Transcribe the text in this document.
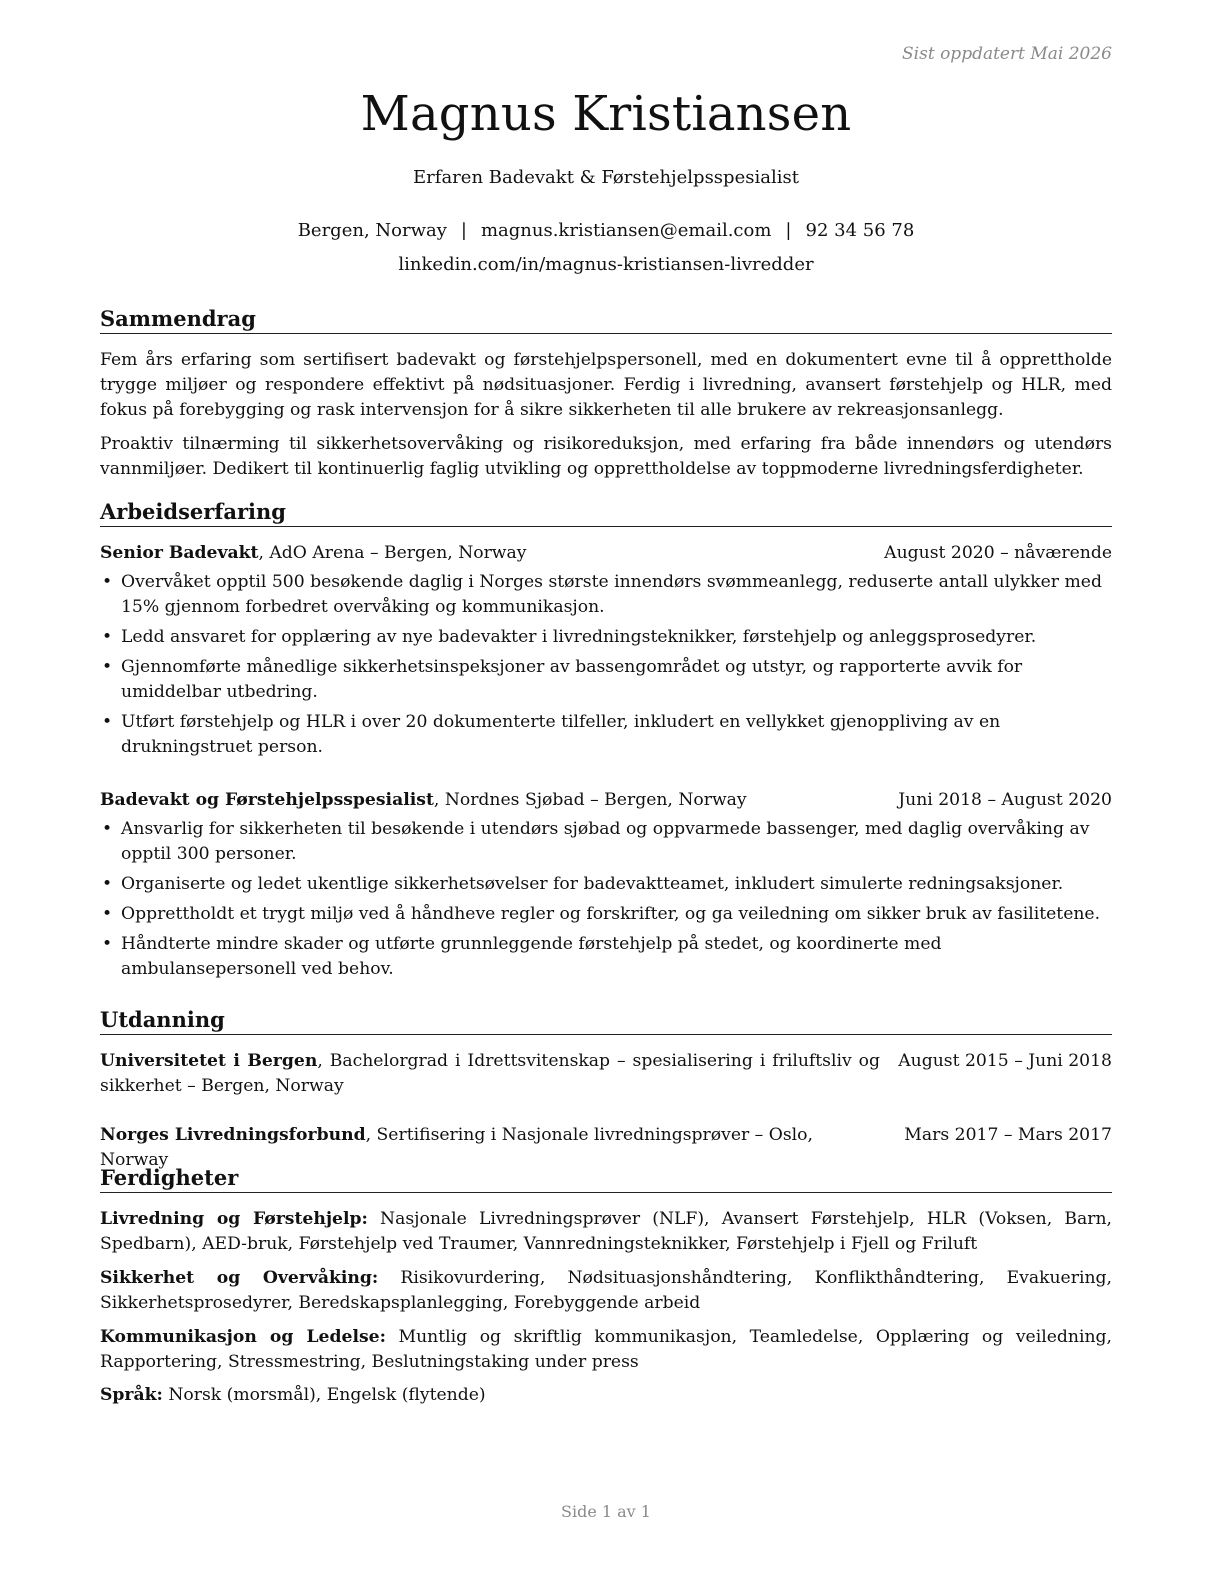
Sist oppdatert Mai 2026
Magnus Kristiansen
Erfaren Badevakt & Førstehjelpsspesialist
Bergen, Norway | magnus.kristiansen@email.com | 92 34 56 78
linkedin.com/in/magnus-kristiansen-livredder
Sammendrag

Fem års erfaring som sertifisert badevakt og førstehjelpspersonell, med en dokumentert evne til å opprettholde trygge miljøer og respondere effektivt på nødsituasjoner. Ferdig i livredning, avansert førstehjelp og HLR, med fokus på forebygging og rask intervensjon for å sikre sikkerheten til alle brukere av rekreasjonsanlegg.

Proaktiv tilnærming til sikkerhetsovervåking og risikoreduksjon, med erfaring fra både innendørs og utendørs vannmiljøer. Dedikert til kontinuerlig faglig utvikling og opprettholdelse av toppmoderne livredningsferdigheter.

Arbeidserfaring
Senior Badevakt, AdO Arena – Bergen, Norway	August 2020 – nåværende
• Overvåket opptil 500 besøkende daglig i Norges største innendørs svømmeanlegg, reduserte antall ulykker med 15% gjennom forbedret overvåking og kommunikasjon.
• Ledd ansvaret for opplæring av nye badevakter i livredningsteknikker, førstehjelp og anleggsprosedyrer.
• Gjennomførte månedlige sikkerhetsinspeksjoner av bassengområdet og utstyr, og rapporterte avvik for umiddelbar utbedring.
• Utført førstehjelp og HLR i over 20 dokumenterte tilfeller, inkludert en vellykket gjenoppliving av en drukningstruet person.
Badevakt og Førstehjelpsspesialist, Nordnes Sjøbad – Bergen, Norway	Juni 2018 – August 2020
• Ansvarlig for sikkerheten til besøkende i utendørs sjøbad og oppvarmede bassenger, med daglig overvåking av opptil 300 personer.
• Organiserte og ledet ukentlige sikkerhetsøvelser for badevaktteamet, inkludert simulerte redningsaksjoner.
• Opprettholdt et trygt miljø ved å håndheve regler og forskrifter, og ga veiledning om sikker bruk av fasilitetene.
• Håndterte mindre skader og utførte grunnleggende førstehjelp på stedet, og koordinerte med ambulansepersonell ved behov.
Utdanning
Universitetet i Bergen, Bachelorgrad i Idrettsvitenskap – spesialisering i friluftsliv og sikkerhet – Bergen, Norway
August 2015 – Juni 2018
Norges Livredningsforbund, Sertifisering i Nasjonale livredningsprøver – Oslo, Norway
Mars 2017 – Mars 2017
Ferdigheter

Livredning og Førstehjelp: Nasjonale Livredningsprøver (NLF), Avansert Førstehjelp, HLR (Voksen, Barn, Spedbarn), AED-bruk, Førstehjelp ved Traumer, Vannredningsteknikker, Førstehjelp i Fjell og Friluft

Sikkerhet og Overvåking: Risikovurdering, Nødsituasjonshåndtering, Konflikthåndtering, Evakuering, Sikkerhetsprosedyrer, Beredskapsplanlegging, Forebyggende arbeid

Kommunikasjon og Ledelse: Muntlig og skriftlig kommunikasjon, Teamledelse, Opplæring og veiledning, Rapportering, Stressmestring, Beslutningstaking under press

Språk: Norsk (morsmål), Engelsk (flytende)

Side 1 av 1
